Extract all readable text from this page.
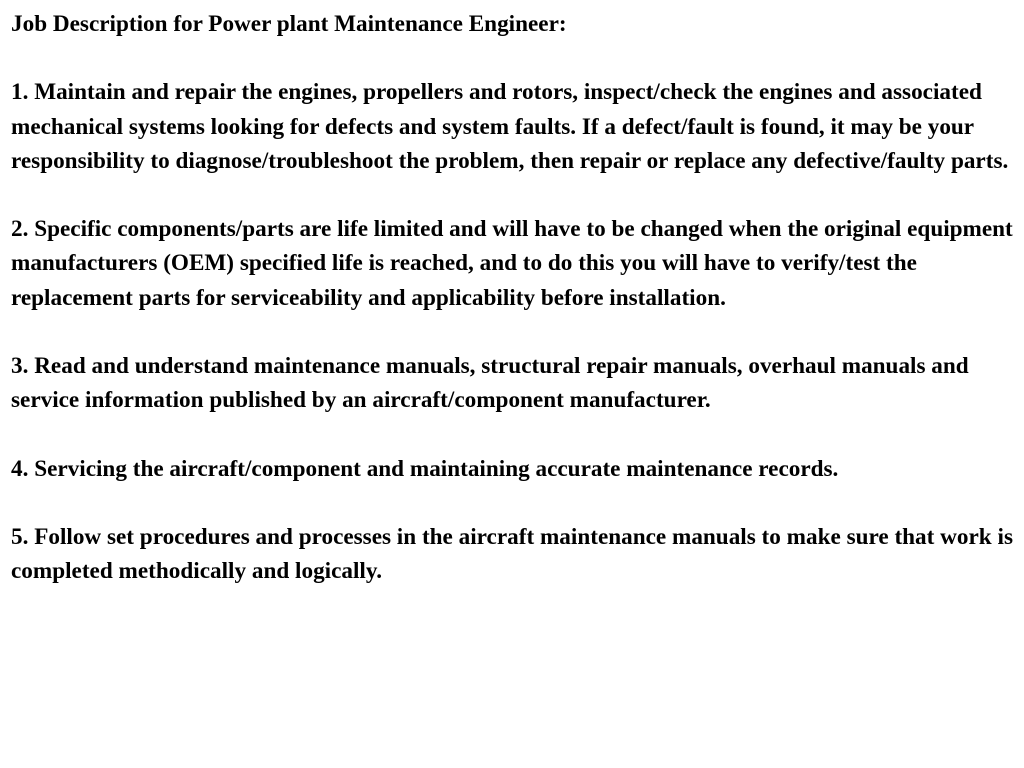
Job Description for Power plant Maintenance Engineer:

1. Maintain and repair the engines, propellers and rotors, inspect/check the engines and associated mechanical systems looking for defects and system faults. If a defect/fault is found, it may be your responsibility to diagnose/troubleshoot the problem, then repair or replace any defective/faulty parts.

2. Specific components/parts are life limited and will have to be changed when the original equipment manufacturers (OEM) specified life is reached, and to do this you will have to verify/test the replacement parts for serviceability and applicability before installation.

3. Read and understand maintenance manuals, structural repair manuals, overhaul manuals and service information published by an aircraft/component manufacturer.

4. Servicing the aircraft/component and maintaining accurate maintenance records.

5. Follow set procedures and processes in the aircraft maintenance manuals to make sure that work is completed methodically and logically.
